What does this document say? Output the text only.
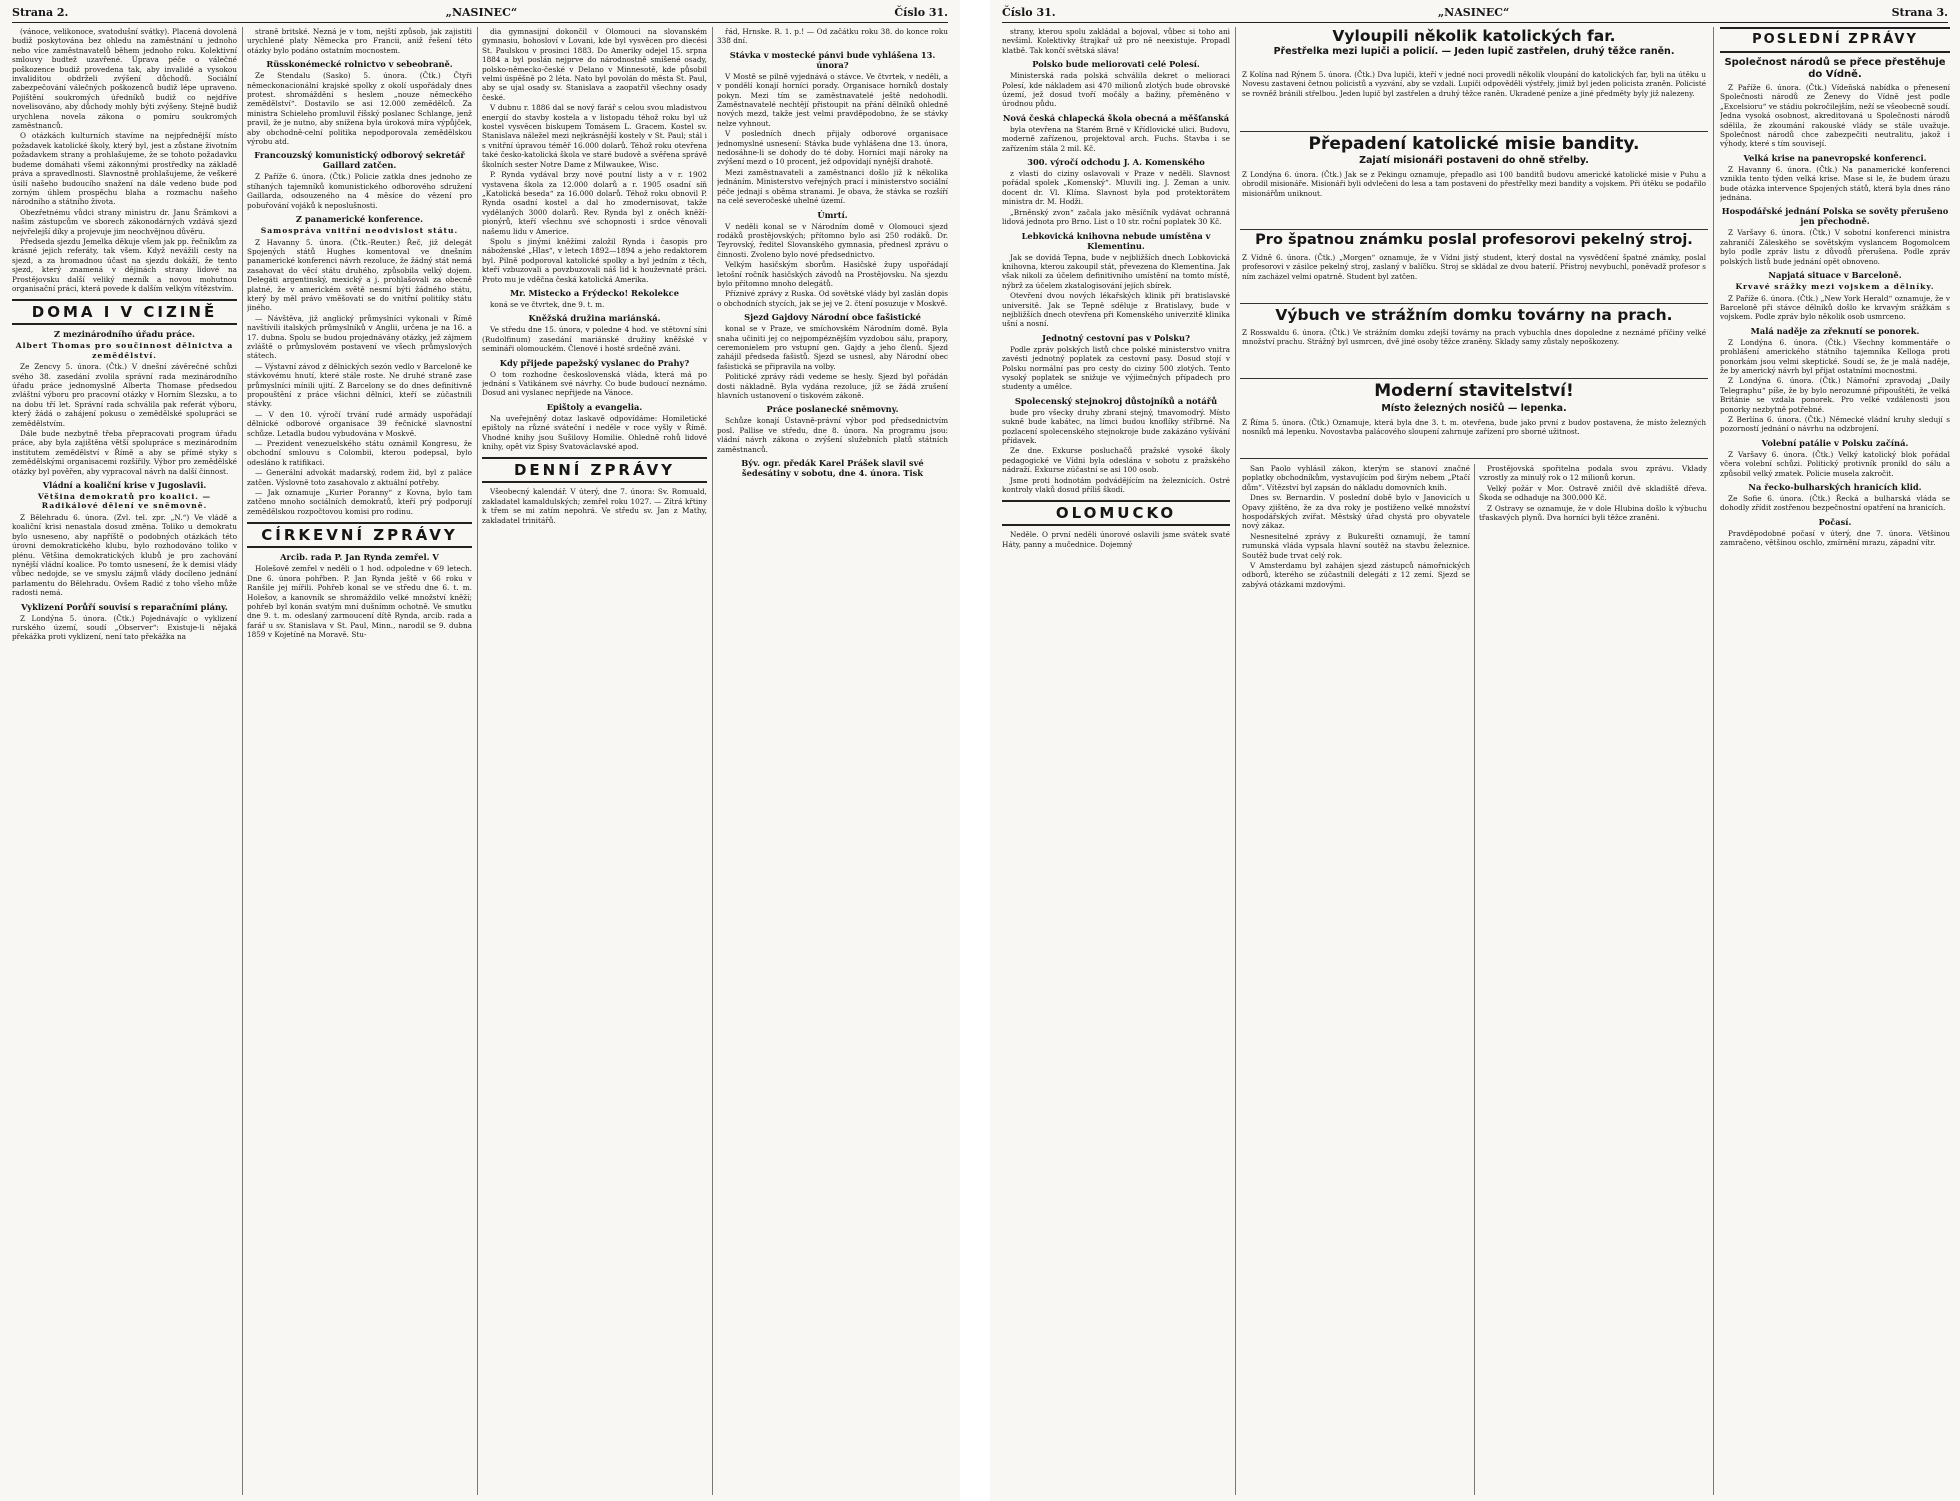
Strana 2.	„NASINEC“	Číslo 31.

(vánoce, velikonoce, svatodušní svátky). Placená dovolená budiž poskytována bez ohledu na zaměstnání u jednoho nebo více zaměstnavatelů během jednoho roku. Kolektivní smlouvy budtež uzavřené. Úprava péče o válečné poškozence budiž provedena tak, aby invalidé a vysokou invaliditou obdrželi zvýšení důchodů. Sociální zabezpečování válečných poškozenců budiž lépe upraveno. Pojištění soukromých úředníků budiž co nejdříve novelisováno, aby důchody mohly býti zvýšeny. Stejně budiž urychlena novela zákona o pomíru soukromých zaměstnanců.

O otázkách kulturních stavíme na nejpřednější místo požadavek katolické školy, který byl, jest a zůstane životním požadavkem strany a prohlašujeme, že se tohoto požadavku budeme domáhati všemi zákonnými prostředky na základě práva a spravedlnosti. Slavnostně prohlašujeme, že veškeré úsilí našeho budoucího snažení na dále vedeno bude pod zorným úhlem prospěchu blaha a rozmachu našeho národního a státního života.

Obezřetnému vůdci strany ministru dr. Janu Šrámkovi a našim zástupcům ve sborech zákonodárných vzdává sjezd nejvřelejší díky a projevuje jim neochvějnou důvěru.

Předseda sjezdu Jemelka děkuje všem jak pp. řečníkům za krásné jejich referáty, tak všem. Když nevážili cesty na sjezd, a za hromadnou účast na sjezdu dokáží, že tento sjezd, který znamená v dějinách strany lidové na Prostějovsku další veliký mezník a novou mohutnou organisační práci, která povede k dalším velkým vítězstvím.

DOMA I V CIZINĚ
Z mezinárodního úřadu práce.
Albert Thomas pro součinnost dělnictva a zemědělství.

Ze Zencvy 5. února. (Čtk.) V dnešní závěrečné schůzi svého 38. zasedání zvolila správní rada mezinárodního úřadu práce jednomyslně Alberta Thomase předsedou zvláštní výboru pro pracovní otázky v Horním Slezsku, a to na dobu tří let. Správní rada schválila pak referát výboru, který žádá o zahájení pokusu o zemědělské spolupráci se zemědělstvím.

Dále bude nezbytně třeba přepracovati program úřadu práce, aby byla zajištěna větší spolupráce s mezinárodním institutem zemědělství v Římě a aby se přímé styky s zemědělskými organisacemi rozšířily. Výbor pro zemědělské otázky byl pověřen, aby vypracoval návrh na další činnost.

Vládní a koaliční krise v Jugoslavii.
Většina demokratů pro koalici. — Radikálové dělení ve sněmovně.

Z Bělehradu 6. února. (Zvl. tel. zpr. „N.“) Ve vládě a koaliční krisi nenastala dosud změna. Toliko u demokratu bylo usneseno, aby napříště o podobných otázkách této úrovni demokratického klubu, bylo rozhodováno toliko v plénu. Většina demokratických klubů je pro zachování nynější vládní koalice. Po tomto usnesení, že k demisi vlády vůbec nedojde, se ve smyslu zájmů vlády docíleno jednání parlamentu do Bělehradu. Ovšem Radić z toho všeho může radosti nemá.

Vyklizení Porůří souvisí s reparačními plány.

Z Londýna 5. února. (Čtk.) Pojednávajíc o vyklizení rurského území, soudí „Observer“: Existuje-li nějaká překážka proti vyklizení, není tato překážka na

straně britské. Nezná je v tom, nejští způsob, jak zajistiti urychlené platy Německa pro Francii, aniž řešení této otázky bylo podáno ostatním mocnostem.

Rüsskonémecké rolnictvo v sebeobraně.

Ze Stendalu (Sasko) 5. února. (Čtk.) Čtyři německonacionální krajské spolky z okolí uspořádaly dnes protest. shromáždění s heslem „nouze německého zemědělství“. Dostavilo se asi 12.000 zemědělců. Za ministra Schieleho promluvil říšský poslanec Schlange, jenž pravil, že je nutno, aby snížena byla úroková míra výpůjček, aby obchodně-celní politika nepodporovala zemědělskou výrobu atd.

Francouzský komunistický odborový sekretář Gaillard zatčen.

Z Paříže 6. února. (Čtk.) Policie zatkla dnes jednoho ze stíhaných tajemníků komunistického odborového sdružení Gaillarda, odsouzeného na 4 měsíce do vězení pro pobuřování vojáků k neposlušnosti.

Z panamerické konference.
Samospráva vnitřní neodvislost státu.

Z Havanny 5. února. (Čtk.-Reuter.) Řeč, již delegát Spojených států Hughes komentoval ve dnešním panamerické konferenci návrh rezoluce, že žádný stát nemá zasahovat do věcí státu druhého, způsobila velký dojem. Delegáti argentinský, mexický a j. prohlašovali za obecně platné, že v americkém světě nesmí býti žádného státu, který by měl právo vměšovati se do vnitřní politiky státu jiného.

— Návštěva, již anglický průmyslníci vykonali v Římě navštívili italských průmyslníků v Anglii, určena je na 16. a 17. dubna. Spolu se budou projednávány otázky, jež zájmem zvláště o průmyslovém postavení ve všech průmyslových státech.

— Výstavní závod z dělnických sezón vedlo v Barceloně ke stávkovému hnutí, které stále roste. Ne druhé straně zase průmyslníci mínili ujití. Z Barcelony se do dnes definitivně propouštění z práce všichni dělníci, kteří se zúčastnili stávky.

— V den 10. výročí trvání rudé armády uspořádají dělnické odborové organisace 39 řečnické slavnostní schůze. Letadla budou vybudována v Moskvě.

— Prezident venezuelského státu oznámil Kongresu, že obchodní smlouvu s Colombii, kterou podepsal, bylo odesláno k ratifikaci.

— Generální advokát madarský, rodem žid, byl z paláce zatčen. Výslovně toto zasahovalo z aktuální potřeby.

— Jak oznamuje „Kurier Poranny“ z Kovna, bylo tam zatčeno mnoho sociálních demokratů, kteří prý podporují zemědělskou rozpočtovou komisi pro rodinu.

CÍRKEVNÍ ZPRÁVY
Arcib. rada P. Jan Rynda zemřel. V

Holešově zemřel v neděli o 1 hod. odpoledne v 69 letech. Dne 6. února pohřben. P. Jan Rynda ještě v 66 roku v Ranšile jej mířili. Pohřeb konal se ve středu dne 6. t. m. Holešov, a kanovník se shromáždilo velké množství kněží; pohřeb byl konán svatým mní dušnímm ochotně. Ve smutku dne 9. t. m. odeslaný zarmoucení dítě Rynda, arcib. rada a farář u sv. Stanislava v St. Paul, Minn., narodil se 9. dubna 1859 v Kojetíně na Moravě. Stu-

dia gymnasijní dokončil v Olomouci na slovanském gymnasiu, bohosloví v Lovani, kde byl vysvěcen pro diecési St. Paulskou v prosinci 1883. Do Ameriky odejel 15. srpna 1884 a byl poslán nejprve do národnostně smíšené osady, polsko-německo-české v Delano v Minnesotě, kde působil velmi úspěšně po 2 léta. Nato byl povolán do města St. Paul, aby se ujal osady sv. Stanislava a zaopatřil všechny osady české.

V dubnu r. 1886 dal se nový farář s celou svou mladistvou energií do stavby kostela a v listopadu téhož roku byl už kostel vysvěcen biskupem Tomásem L. Gracem. Kostel sv. Stanislava náležel mezi nejkrásnější kostely v St. Paul; stál i s vnitřní úpravou téměř 16.000 dolarů. Téhož roku otevřena také česko-katolická škola ve staré budově a svěřena správě školních sester Notre Dame z Milwaukee, Wisc.

P. Rynda vydával brzy nové poutní listy a v r. 1902 vystavena škola za 12.000 dolarů a r. 1905 osadní síň „Katolická beseda“ za 16.000 dolarů. Téhož roku obnovil P. Rynda osadní kostel a dal ho zmodernisovat, takže vydělaných 3000 dolarů. Rev. Rynda byl z oněch kněží-pionýrů, kteří všechnu své schopnosti i srdce věnovali našemu lidu v Americe.

Spolu s jinými kněžími založil Rynda i časopis pro náboženské „Hlas“, v letech 1892—1894 a jeho redaktorem byl. Pilně podporoval katolické spolky a byl jedním z těch, kteří vzbuzovali a povzbuzovali náš lid k houževnaté práci. Proto mu je vděčna česká katolická Amerika.

Mr. Mistecko a Frýdecko! Rekolekce

koná se ve čtvrtek, dne 9. t. m.

Kněžská družina mariánská.

Ve středu dne 15. února, v poledne 4 hod. ve stětovní síni (Rudolfinum) zasedání mariánské družiny kněžské v semináři olomouckém. Členové i hosté srdečně zváni.

Kdy přijede papežský vyslanec do Prahy?

O tom rozhodne československá vláda, která má po jednání s Vatikánem své návrhy. Co bude budoucí neznámo. Dosud ani vyslanec nepřijede na Vánoce.

Epištoly a evangelia.

Na uveřejněný dotaz laskavě odpovídáme: Homiletické epištoly na různé sváteční i neděle v roce vyšly v Římě. Vhodné knihy jsou Sušilovy Homilie. Ohledně rohů lidové knihy, opět viz Spisy Svatováclavské apod.

DENNÍ ZPRÁVY

Všeobecný kalendář. V úterý, dne 7. února: Sv. Romuald, zakladatel kamaldulských; zemřel roku 1027. — Zítrá křtiny k třem se mi zatím nepohrá. Ve středu sv. Jan z Mathy, zakladatel trinitářů.

řád, Hrnske. R. 1. p.! — Od začátku roku 38. do konce roku 338 dní.

Stávka v mostecké pánvi bude vyhlášena 13. února?

V Mostě se pilně vyjednává o stávce. Ve čtvrtek, v neděli, a v pondělí konají horníci porady. Organisace horníků dostaly pokyn. Mezi tím se zaměstnavatelé ještě nedohodli. Zaměstnavatelé nechtějí přistoupit na přání dělníků ohledně nových mezd, takže jest velmi pravděpodobno, že se stávky nelze vyhnout.

V posledních dnech přijaly odborové organisace jednomyslné usnesení: Stávka bude vyhlášena dne 13. února, nedosáhne-li se dohody do té doby. Horníci mají nároky na zvýšení mezd o 10 procent, jež odpovídají nynější drahotě.

Mezi zaměstnavateli a zaměstnanci došlo již k několika jednáním. Ministerstvo veřejných prací i ministerstvo sociální péče jednají s oběma stranami. Je obava, že stávka se rozšíří na celé severočeské uhelné území.

Úmrtí.

V neděli konal se v Národním domě v Olomouci sjezd rodáků prostějovských; přítomno bylo asi 250 rodáků. Dr. Teyrovský, ředitel Slovanského gymnasia, přednesl zprávu o činnosti. Zvoleno bylo nové předsednictvo.

Velkým hasičským sborům. Hasičské župy uspořádají letošní ročník hasičských závodů na Prostějovsku. Na sjezdu bylo přítomno mnoho delegátů.

Příznivé zprávy z Ruska. Od sovětské vlády byl zaslán dopis o obchodních stycích, jak se jej ve 2. čtení posuzuje v Moskvě.

Sjezd Gajdovy Národní obce fašistické

konal se v Praze, ve smíchovském Národním domě. Byla snaha učiniti jej co nejpompéznějším vyzdobou sálu, prapory, ceremonielem pro vstupní gen. Gajdy a jeho členů. Sjezd zahájil předseda fašistů. Sjezd se usnesl, aby Národní obec fašistická se připravila na volby.

Politické zprávy rádi vedeme se hesly. Sjezd byl pořádán dosti nákladně. Byla vydána rezoluce, jíž se žádá zrušení hlavních ustanovení o tiskovém zákoně.

Práce poslanecké sněmovny.

Schůze konají Ústavně-právní výbor pod předsednictvím posl. Pallise ve středu, dne 8. února. Na programu jsou: vládní návrh zákona o zvýšení služebních platů státních zaměstnanců.

Býv. ogr. předák Karel Prášek slavil své šedesátiny v sobotu, dne 4. února. Tisk
Číslo 31.	„NASINEC“	Strana 3.

strany, kterou spolu zakládal a bojoval, vůbec si toho ani nevšiml. Kolektivky štrajkař už pro ně neexistuje. Propadl klatbě. Tak končí světská sláva!

Polsko bude meliorovati celé Polesí.

Ministerská rada polská schválila dekret o melioraci Polesí, kde nákladem asi 470 milionů zlotých bude obrovské území, jež dosud tvoří močály a bažiny, přeměněno v úrodnou půdu.

Nová česká chlapecká škola obecná a měšťanská

byla otevřena na Starém Brně v Křídlovické ulici. Budovu, moderně zařízenou, projektoval arch. Fuchs. Stavba i se zařízením stála 2 mil. Kč.

300. výročí odchodu J. A. Komenského

z vlasti do ciziny oslavovali v Praze v neděli. Slavnost pořádal spolek „Komenský“. Mluvili ing. J. Zeman a univ. docent dr. Vl. Klíma. Slavnost byla pod protektorátem ministra dr. M. Hodži.

„Brněnský zvon“ začala jako měsíčník vydávat ochranná lidová jednota pro Brno. List o 10 str. roční poplatek 30 Kč.

Lebkovická knihovna nebude umístěna v Klementinu.

Jak se dovídá Tepna, bude v nejbližších dnech Lobkovická knihovna, kterou zakoupil stát, převezena do Klementina. Jak však nikoli za účelem definitivního umístění na tomto místě, nýbrž za účelem zkatalogisování jejích sbírek.

Otevření dvou nových lékařských klinik při bratislavské universitě. Jak se Tepně sděluje z Bratislavy, bude v nejbližších dnech otevřena při Komenského univerzitě klinika ušní a nosní.

Jednotný cestovní pas v Polsku?

Podle zpráv polských listů chce polské ministerstvo vnitra zavésti jednotný poplatek za cestovní pasy. Dosud stojí v Polsku normální pas pro cesty do ciziny 500 zlotých. Tento vysoký poplatek se snižuje ve výjimečných případech pro studenty a umělce.

Spolecenský stejnokroj důstojníků a notářů

bude pro všecky druhy zbraní stejný, tmavomodrý. Místo sukně bude kabátec, na límci budou knoflíky stříbrné. Na pozlacení spolecenského stejnokroje bude zakázáno vyšívání přídavek.

Ze dne. Exkurse posluchačů pražské vysoké školy pedagogické ve Vídni byla odeslána v sobotu z pražského nádraží. Exkurse zúčastní se asi 100 osob.

Jsme proti hodnotám podvádějícím na železnicích. Ostré kontroly vlaků dosud příliš škodí.

OLOMUCKO

Neděle. O první neděli únorové oslavili jsme svátek svaté Háty, panny a mučednice. Dojemný

Vyloupili několik katolických far.
Přestřelka mezi lupiči a policií. — Jeden lupič zastřelen, druhý těžce raněn.
Z Kolína nad Rýnem 5. února. (Čtk.) Dva lupiči, kteří v jedné noci provedli několik vloupání do katolických far, byli na útěku u Novesu zastaveni četnou policistů a vyzvání, aby se vzdali. Lupiči odpověděli výstřely, jimiž byl jeden policista zraněn. Policisté se rovněž bránili střelbou. Jeden lupič byl zastřelen a druhý těžce raněn. Ukradené peníze a jiné předměty byly již nalezeny.
Přepadení katolické misie bandity.
Zajatí misionáři postaveni do ohně střelby.
Z Londýna 6. února. (Čtk.) Jak se z Pekingu oznamuje, přepadlo asi 100 banditů budovu americké katolické misie v Puhu a obrodil misionáře. Misionáři byli odvlečeni do lesa a tam postaveni do přestřelky mezi bandity a vojskem. Při útěku se podařilo misionářům uniknout.
Pro špatnou známku poslal profesorovi pekelný stroj.
Z Vídně 6. února. (Čtk.) „Morgen“ oznamuje, že v Vídni jistý student, který dostal na vysvědčení špatné známky, poslal profesorovi v zásilce pekelný stroj, zaslaný v balíčku. Stroj se skládal ze dvou baterií. Přístroj nevybuchl, poněvadž profesor s ním zacházel velmi opatrně. Student byl zatčen.
Výbuch ve strážním domku továrny na prach.
Z Rosswaldu 6. února. (Čtk.) Ve strážním domku zdejší továrny na prach vybuchla dnes dopoledne z neznámé příčiny velké množství prachu. Strážný byl usmrcen, dvě jiné osoby těžce zraněny. Sklady samy zůstaly nepoškozeny.
Moderní stavitelství!
Místo železných nosičů — lepenka.
Z Říma 5. února. (Čtk.) Oznamuje, která byla dne 3. t. m. otevřena, bude jako první z budov postavena, že místo železných nosníků má lepenku. Novostavba palácového sloupení zahrnuje zařízení pro sborné užitnost.

San Paolo vyhlásil zákon, kterým se stanoví značné poplatky obchodníkům, vystavujícím pod širým nebem „Ptačí dům“. Vítězství byl zapsán do nákladu domovních knih.

Dnes sv. Bernardin. V poslední době bylo v Janovicích u Opavy zjištěno, že za dva roky je postiženo velké množství hospodářských zvířat. Městský úřad chystá pro obyvatele nový zákaz.

Nesnesitelné zprávy z Bukurešti oznamují, že tamní rumunská vláda vypsala hlavní soutěž na stavbu železnice. Soutěž bude trvat celý rok.

V Amsterdamu byl zahájen sjezd zástupců námořnických odborů, kterého se zúčastnili delegáti z 12 zemí. Sjezd se zabývá otázkami mzdovými.

Prostějovská spořitelna podala svou zprávu. Vklady vzrostly za minulý rok o 12 milionů korun.

Velký požár v Mor. Ostravě zničil dvě skladiště dřeva. Škoda se odhaduje na 300.000 Kč.

Z Ostravy se oznamuje, že v dole Hlubina došlo k výbuchu třaskavých plynů. Dva horníci byli těžce zraněni.

POSLEDNÍ ZPRÁVY
Společnost národů se přece přestěhuje do Vídně.

Z Paříže 6. února. (Čtk.) Vídeňská nabídka o přenesení Společnosti národů ze Ženevy do Vídně jest podle „Excelsioru“ ve stádiu pokročilejším, neží se všeobecně soudí. Jedna vysoká osobnost, akreditovaná u Společnosti národů sdělila, že zkoumání rakouské vlády se stále uvažuje. Společnost národů chce zabezpečiti neutralitu, jakož i výhody, které s tím souvisejí.

Velká krise na panevropské konferenci.

Z Havanny 6. února. (Čtk.) Na panamerické konferenci vznikla tento týden velká krise. Mase si le, že budem úrazu bude otázka intervence Spojených států, která byla dnes ráno jednána.

Hospodářské jednání Polska se sověty přerušeno jen přechodně.

Z Varšavy 6. února. (Čtk.) V sobotní konferenci ministra zahraničí Záleského se sovětským vyslancem Bogomolcem bylo podle zpráv listu z důvodů přerušena. Podle zpráv polských listů bude jednání opět obnoveno.

Napjatá situace v Barceloně.
Krvavé srážky mezi vojskem a dělníky.

Z Paříže 6. února. (Čtk.) „New York Herald“ oznamuje, že v Barceloně při stávce dělníků došlo ke krvavým srážkám s vojskem. Podle zpráv bylo několik osob usmrceno.

Malá naděje za zřeknutí se ponorek.

Z Londýna 6. února. (Čtk.) Všechny kommentáře o prohlášení amerického státního tajemníka Kelloga proti ponorkám jsou velmi skeptické. Soudí se, že je malá naděje, že by americký návrh byl přijat ostatními mocnostmi.

Z Londýna 6. února. (Čtk.) Námořní zpravodaj „Daily Telegraphu“ píše, že by bylo nerozumné připouštěti, že velká Británie se vzdala ponorek. Pro velké vzdálenosti jsou ponorky nezbytně potřebné.

Z Berlína 6. února. (Čtk.) Německé vládní kruhy sledují s pozorností jednání o návrhu na odzbrojení.

Volební patálie v Polsku začíná.

Z Varšavy 6. února. (Čtk.) Velký katolický blok pořádal včera volební schůzi. Politický protivník pronikl do sálu a způsobil velký zmatek. Policie musela zakročit.

Na řecko-bulharských hranicích klid.

Ze Sofie 6. února. (Čtk.) Řecká a bulharská vláda se dohodly zřídit zostřenou bezpečnostní opatření na hranicích.

Počasí.

Pravděpodobné počasí v úterý, dne 7. února. Většinou zamračeno, většinou oschlo, zmírnění mrazu, západní vítr.
